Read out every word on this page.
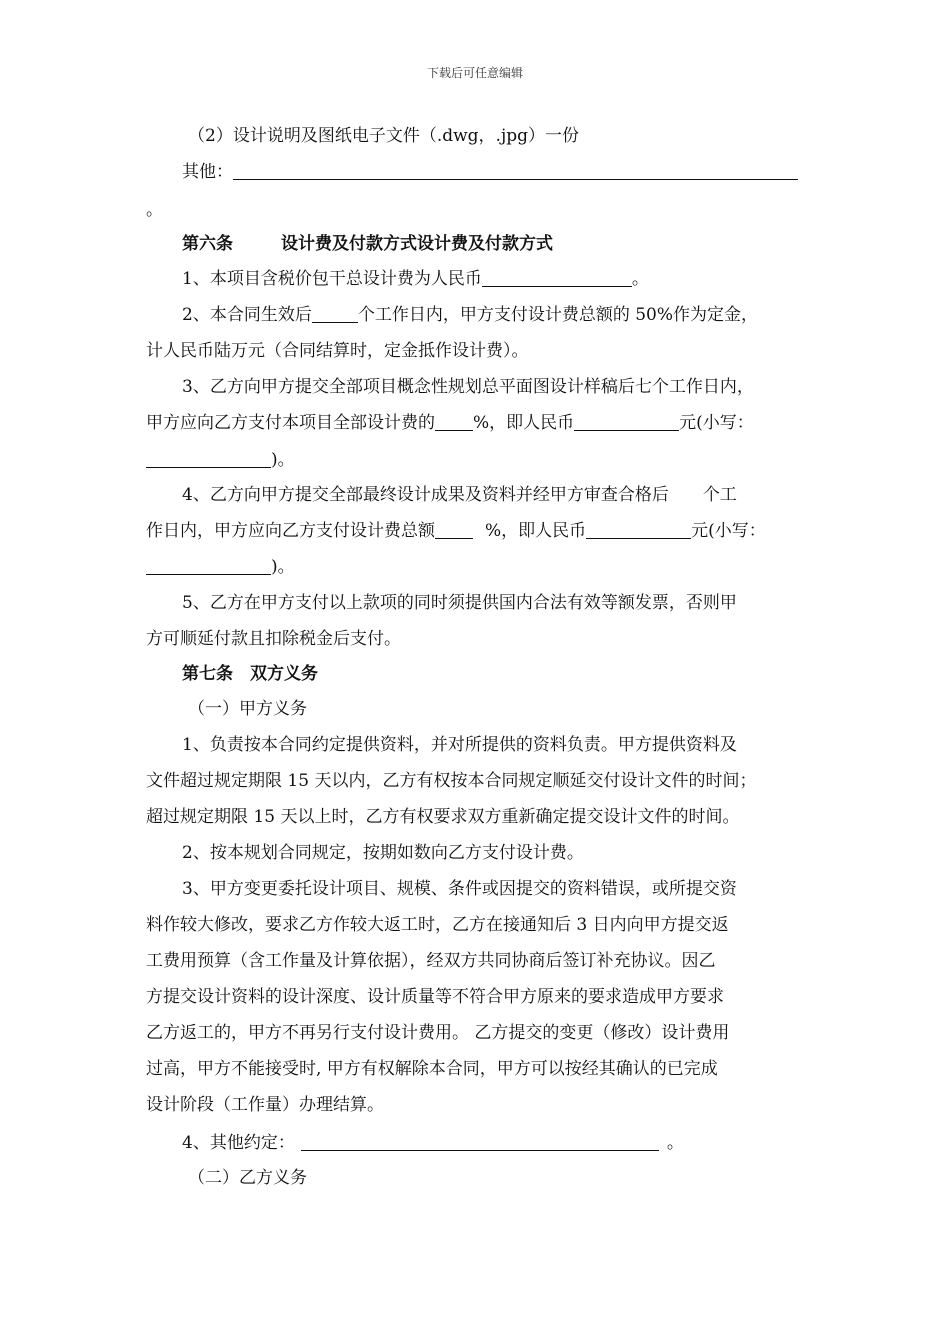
下载后可任意编辑
（2）设计说明及图纸电子文件（.dwg，.jpg）一份
其他：
。
第六条	设计费及付款方式设计费及付款方式
1、本项目含税价包干总设计费为人民币	。
2、本合同生效后	个工作日内，甲方支付设计费总额的 50%作为定金，
计人民币陆万元（合同结算时，定金抵作设计费）。
3、乙方向甲方提交全部项目概念性规划总平面图设计样稿后七个工作日内，
甲方应向乙方支付本项目全部设计费的 %，即人民币	元(小写：
)。
4、乙方向甲方提交全部最终设计成果及资料并经甲方审查合格后 个工
作日内，甲方应向乙方支付设计费总额	%，即人民币	元(小写：
)。
5、乙方在甲方支付以上款项的同时须提供国内合法有效等额发票，否则甲
方可顺延付款且扣除税金后支付。
第七条　双方义务
（一）甲方义务
1、负责按本合同约定提供资料，并对所提供的资料负责。甲方提供资料及
文件超过规定期限 15 天以内，乙方有权按本合同规定顺延交付设计文件的时间；
超过规定期限 15 天以上时，乙方有权要求双方重新确定提交设计文件的时间。
2、按本规划合同规定，按期如数向乙方支付设计费。
3、甲方变更委托设计项目、规模、条件或因提交的资料错误，或所提交资
料作较大修改，要求乙方作较大返工时，乙方在接通知后 3 日内向甲方提交返
工费用预算（含工作量及计算依据），经双方共同协商后签订补充协议。因乙
方提交设计资料的设计深度、设计质量等不符合甲方原来的要求造成甲方要求
乙方返工的，甲方不再另行支付设计费用。 乙方提交的变更（修改）设计费用
过高，甲方不能接受时, 甲方有权解除本合同，甲方可以按经其确认的已完成
设计阶段（工作量）办理结算。
4、其他约定：	。
（二）乙方义务
